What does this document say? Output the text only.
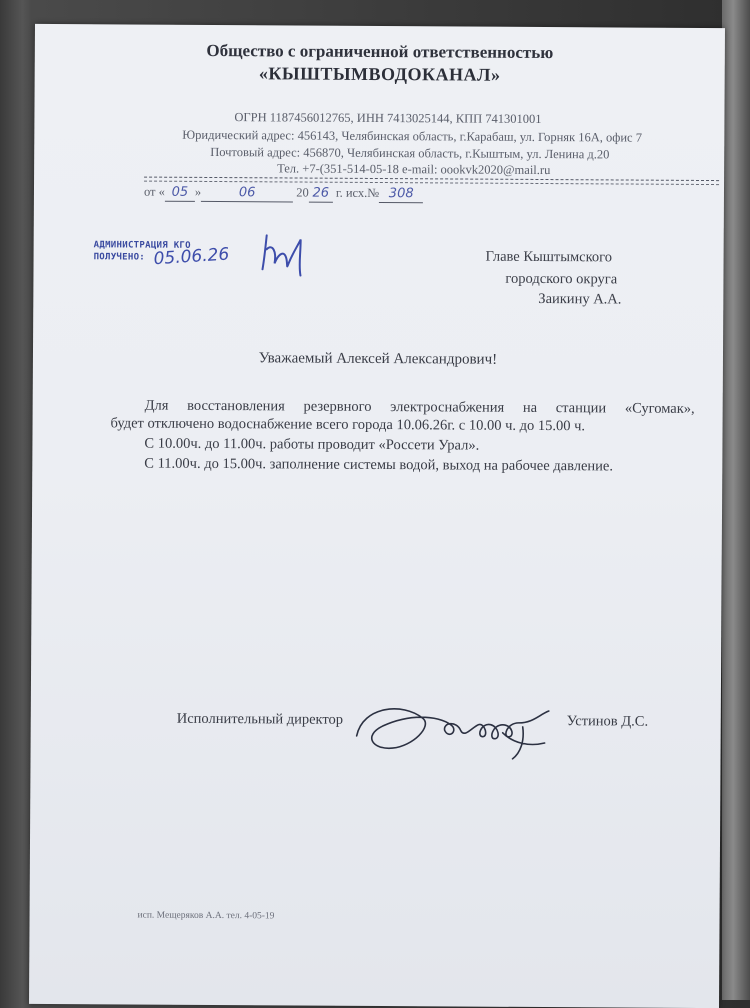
Общество с ограниченной ответственностью
«КЫШТЫМВОДОКАНАЛ»
ОГРН 1187456012765, ИНН 7413025144, КПП 741301001
Юридический адрес: 456143, Челябинская область, г.Карабаш, ул. Горняк 16А, офис 7
Почтовый адрес: 456870, Челябинская область, г.Кыштым, ул. Ленина д.20
Тел. +7-(351-514-05-18 e-mail: oookvk2020@mail.ru
от « 05 »	06	20 26 г. исх.№ 308
АДМИНИСТРАЦИЯ КГО
ПОЛУЧЕНО: 05.06.26	Главе Кыштымского
городского округа
Заикину А.А.
Уважаемый Алексей Александрович!
Для восстановления резервного электроснабжения на станции «Сугомак»,
будет отключено водоснабжение всего города 10.06.26г. с 10.00 ч. до 15.00 ч.
С 10.00ч. до 11.00ч. работы проводит «Россети Урал».
С 11.00ч. до 15.00ч. заполнение системы водой, выход на рабочее давление.
Исполнительный директор	Устинов Д.С.
исп. Мещеряков А.А. тел. 4-05-19
